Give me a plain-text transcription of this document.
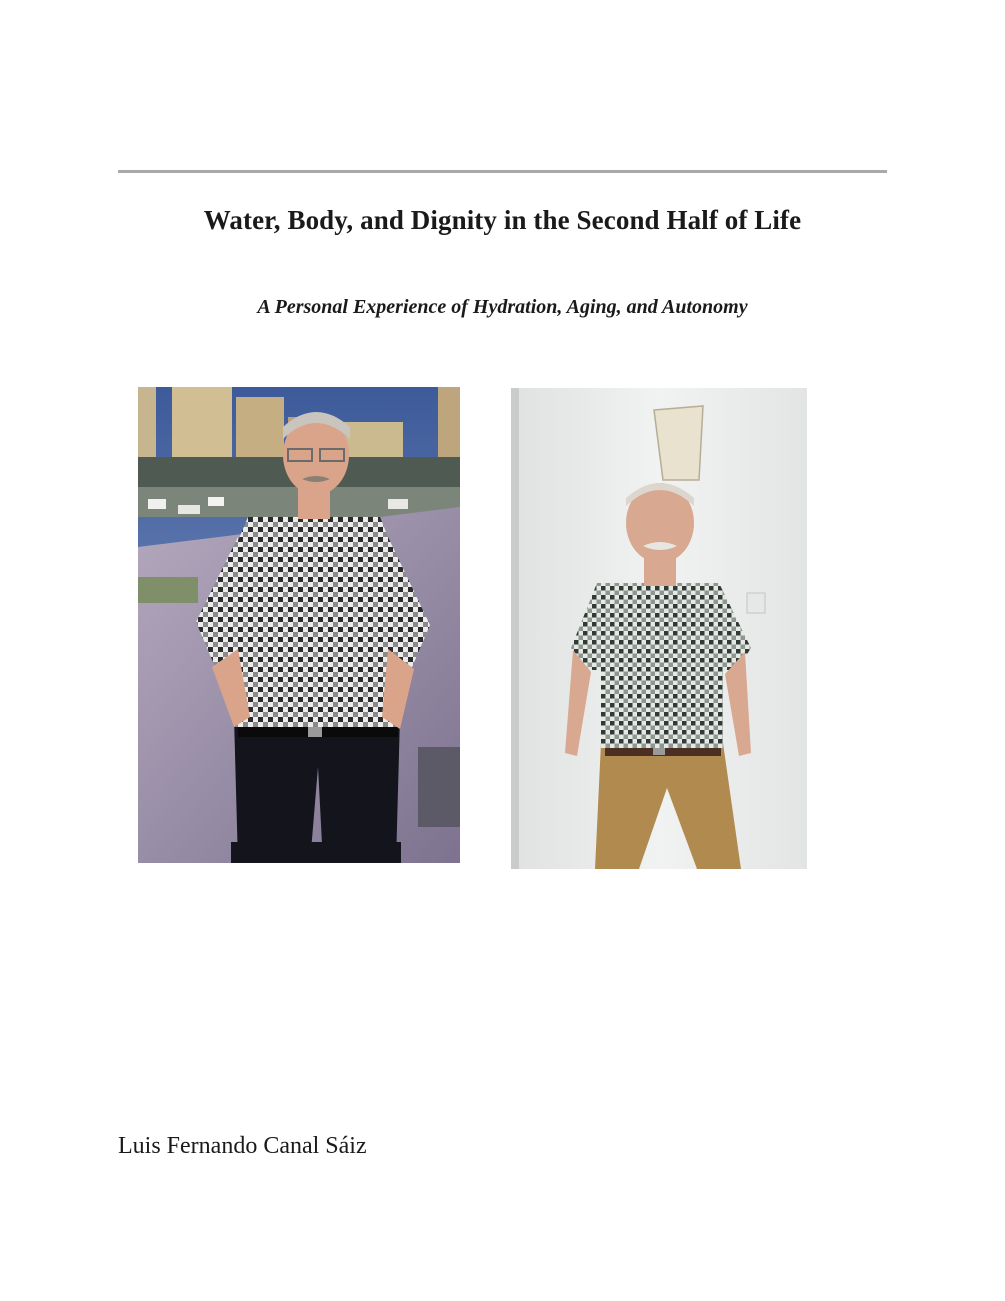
Water, Body, and Dignity in the Second Half of Life
A Personal Experience of Hydration, Aging, and Autonomy
Luis Fernando Canal Sáiz
